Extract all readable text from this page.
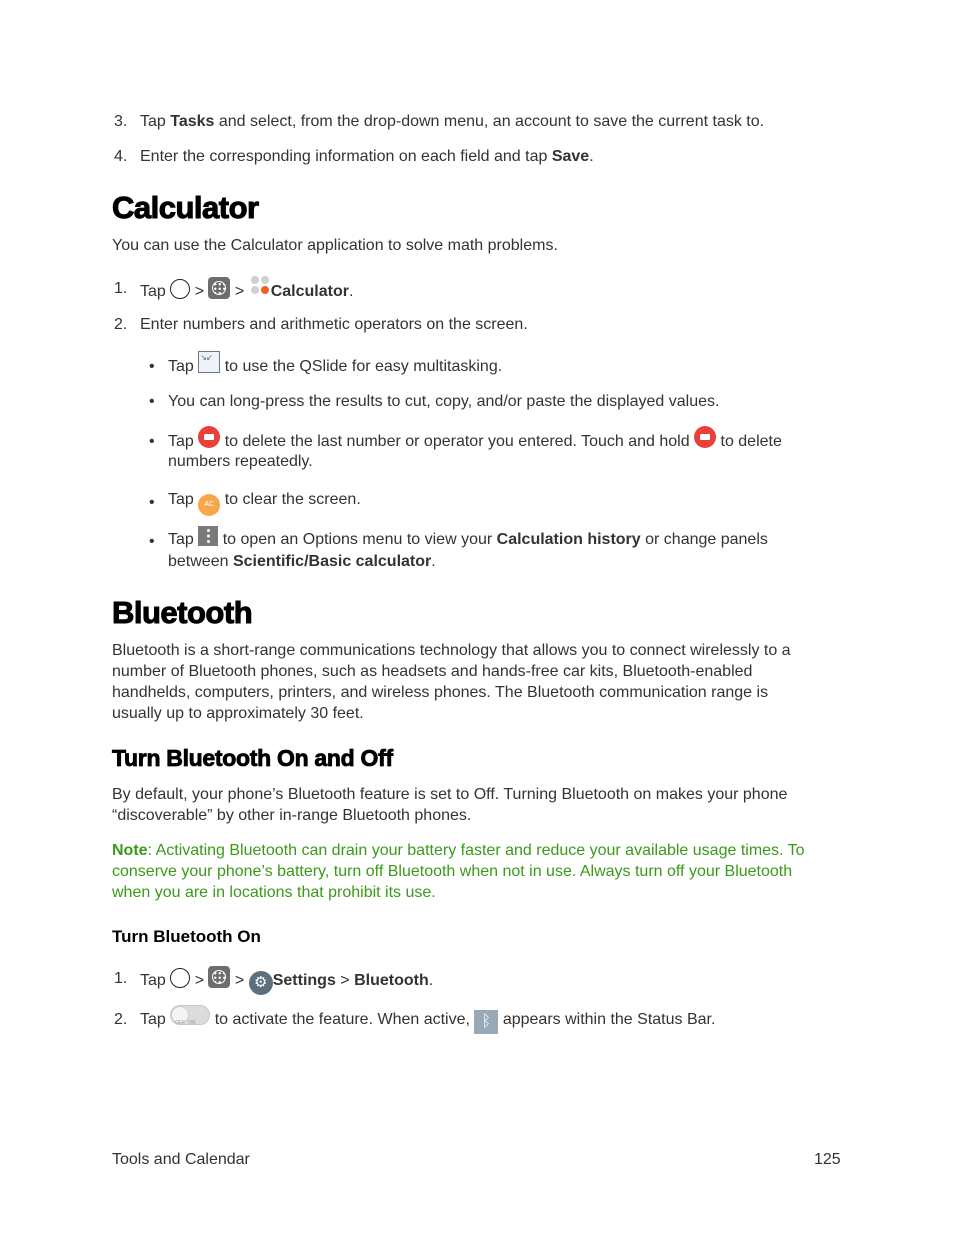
3. Tap Tasks and select, from the drop-down menu, an account to save the current task to.
4. Enter the corresponding information on each field and tap Save.
Calculator
You can use the Calculator application to solve math problems.
1. Tap  >  >
Calculator.
2. Enter numbers and arithmetic operators on the screen.
•
Tap ↘↙ to use the QSlide for easy multitasking.
•
You can long-press the results to cut, copy, and/or paste the displayed values.
•
Tap  to delete the last number or operator you entered. Touch and hold  to delete
numbers repeatedly.
•
Tap AC to clear the screen.
•
Tap  to open an Options menu to view your Calculation history or change panels
between Scientific/Basic calculator.
Bluetooth
Bluetooth is a short-range communications technology that allows you to connect wirelessly to a
number of Bluetooth phones, such as headsets and hands-free car kits, Bluetooth-enabled
handhelds, computers, printers, and wireless phones. The Bluetooth communication range is
usually up to approximately 30 feet.
Turn Bluetooth On and Off
By default, your phone’s Bluetooth feature is set to Off. Turning Bluetooth on makes your phone
“discoverable” by other in-range Bluetooth phones.
Note: Activating Bluetooth can drain your battery faster and reduce your available usage times. To
conserve your phone’s battery, turn off Bluetooth when not in use. Always turn off your Bluetooth
when you are in locations that prohibit its use.
Turn Bluetooth On
1. Tap  >  > ⚙ Settings > Bluetooth.
2. Tap OFF ON	to activate the feature. When active, ᛒ appears within the Status Bar.
Tools and Calendar	125
